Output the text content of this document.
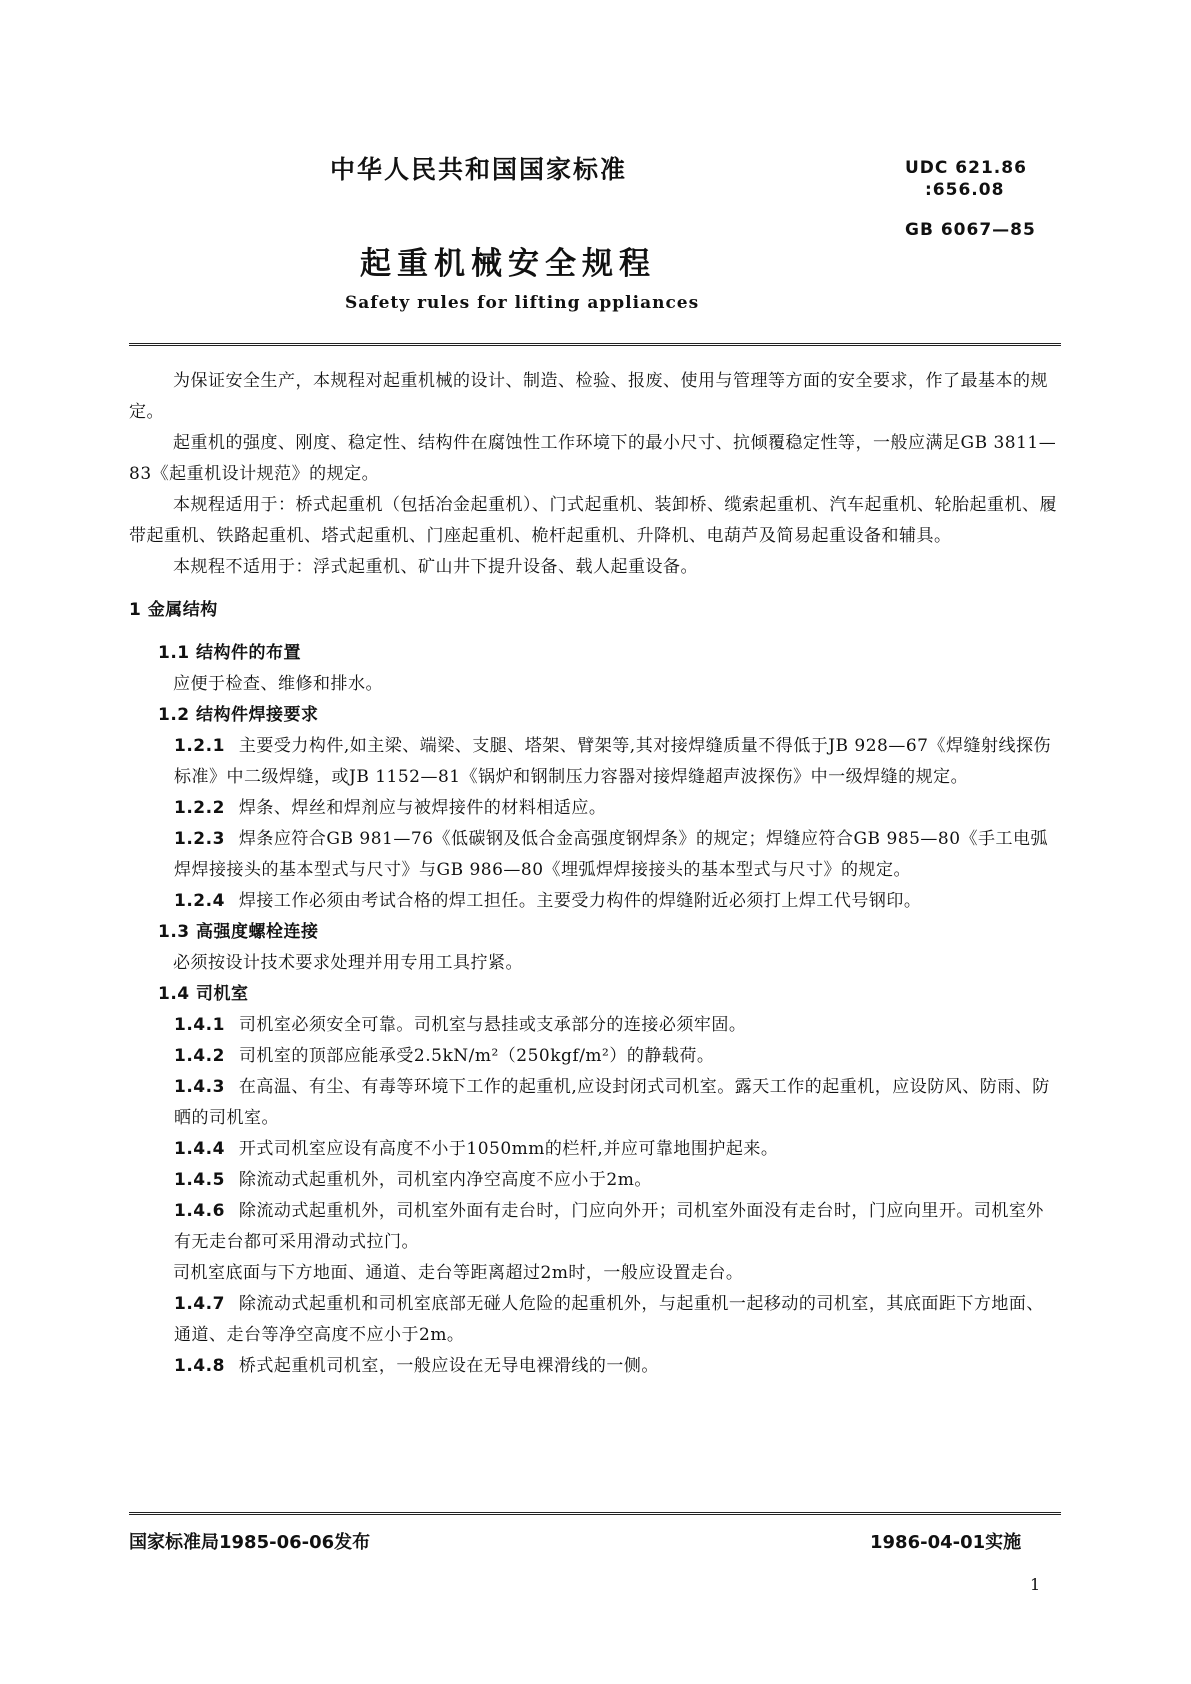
中华人民共和国国家标准	UDC 621.86
:656.08
GB 6067—85
起重机械安全规程
Safety rules for lifting appliances
为保证安全生产，本规程对起重机械的设计、制造、检验、报废、使用与管理等方面的安全要求，作了最基本的规定。
起重机的强度、刚度、稳定性、结构件在腐蚀性工作环境下的最小尺寸、抗倾覆稳定性等，一般应满足GB 3811—83《起重机设计规范》的规定。
本规程适用于：桥式起重机（包括冶金起重机）、门式起重机、装卸桥、缆索起重机、汽车起重机、轮胎起重机、履带起重机、铁路起重机、塔式起重机、门座起重机、桅杆起重机、升降机、电葫芦及简易起重设备和辅具。
本规程不适用于：浮式起重机、矿山井下提升设备、载人起重设备。
1 金属结构
1.1 结构件的布置
应便于检查、维修和排水。
1.2 结构件焊接要求
1.2.1 主要受力构件,如主梁、端梁、支腿、塔架、臂架等,其对接焊缝质量不得低于JB 928—67《焊缝射线探伤标准》中二级焊缝，或JB 1152—81《锅炉和钢制压力容器对接焊缝超声波探伤》中一级焊缝的规定。
1.2.2 焊条、焊丝和焊剂应与被焊接件的材料相适应。
1.2.3 焊条应符合GB 981—76《低碳钢及低合金高强度钢焊条》的规定；焊缝应符合GB 985—80《手工电弧焊焊接接头的基本型式与尺寸》与GB 986—80《埋弧焊焊接接头的基本型式与尺寸》的规定。
1.2.4 焊接工作必须由考试合格的焊工担任。主要受力构件的焊缝附近必须打上焊工代号钢印。
1.3 高强度螺栓连接
必须按设计技术要求处理并用专用工具拧紧。
1.4 司机室
1.4.1 司机室必须安全可靠。司机室与悬挂或支承部分的连接必须牢固。
1.4.2 司机室的顶部应能承受2.5kN/m²（250kgf/m²）的静载荷。
1.4.3 在高温、有尘、有毒等环境下工作的起重机,应设封闭式司机室。露天工作的起重机，应设防风、防雨、防晒的司机室。
1.4.4 开式司机室应设有高度不小于1050mm的栏杆,并应可靠地围护起来。
1.4.5 除流动式起重机外，司机室内净空高度不应小于2m。
1.4.6 除流动式起重机外，司机室外面有走台时，门应向外开；司机室外面没有走台时，门应向里开。司机室外有无走台都可采用滑动式拉门。
司机室底面与下方地面、通道、走台等距离超过2m时，一般应设置走台。
1.4.7 除流动式起重机和司机室底部无碰人危险的起重机外，与起重机一起移动的司机室，其底面距下方地面、通道、走台等净空高度不应小于2m。
1.4.8 桥式起重机司机室，一般应设在无导电裸滑线的一侧。
国家标准局1985-06-06发布	1986-04-01实施
1
